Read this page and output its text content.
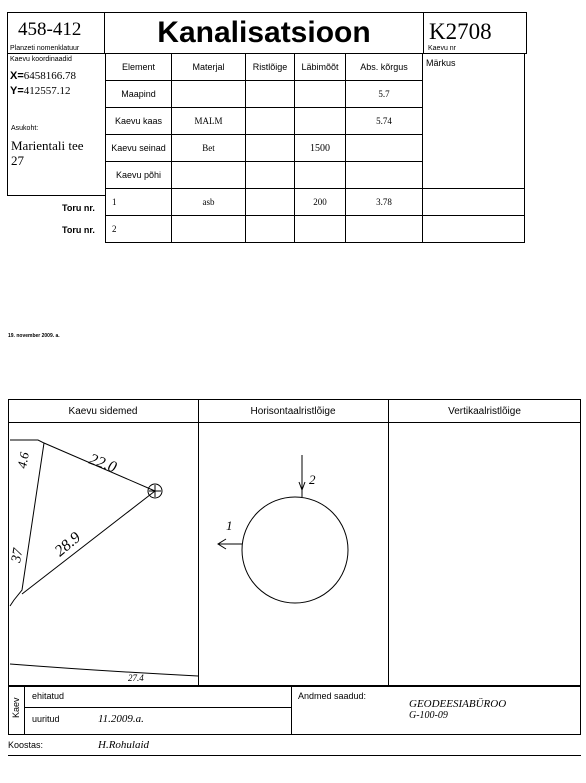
458-412
Planzeti nomenklatuur	Kanalisatsioon	K2708
Kaevu nr
Kaevu koordinaadid
X=6458166.78
Y=412557.12
Asukoht:
Marientali tee
27
Element	Materjal	Ristlõige	Läbimõõt	Abs. kõrgus	Märkus
Maapind				5.7	
Kaevu kaas	MALM			5.74	
Kaevu seinad	Bet		1500		
Kaevu põhi					
1	asb		200	3.78	
2					
Toru nr.
Toru nr.
19. november 2009. a.
Kaevu sidemed	Horisontaalristlõige	Vertikaalristlõige
22.0
28.9
27.4
4.6
37
2
1
Kaev
ehitatud
uuritud	11.2009.a.
Andmed saadud:
GEODEESIABÜROO
G-100-09
Koostas:	H.Rohulaid
